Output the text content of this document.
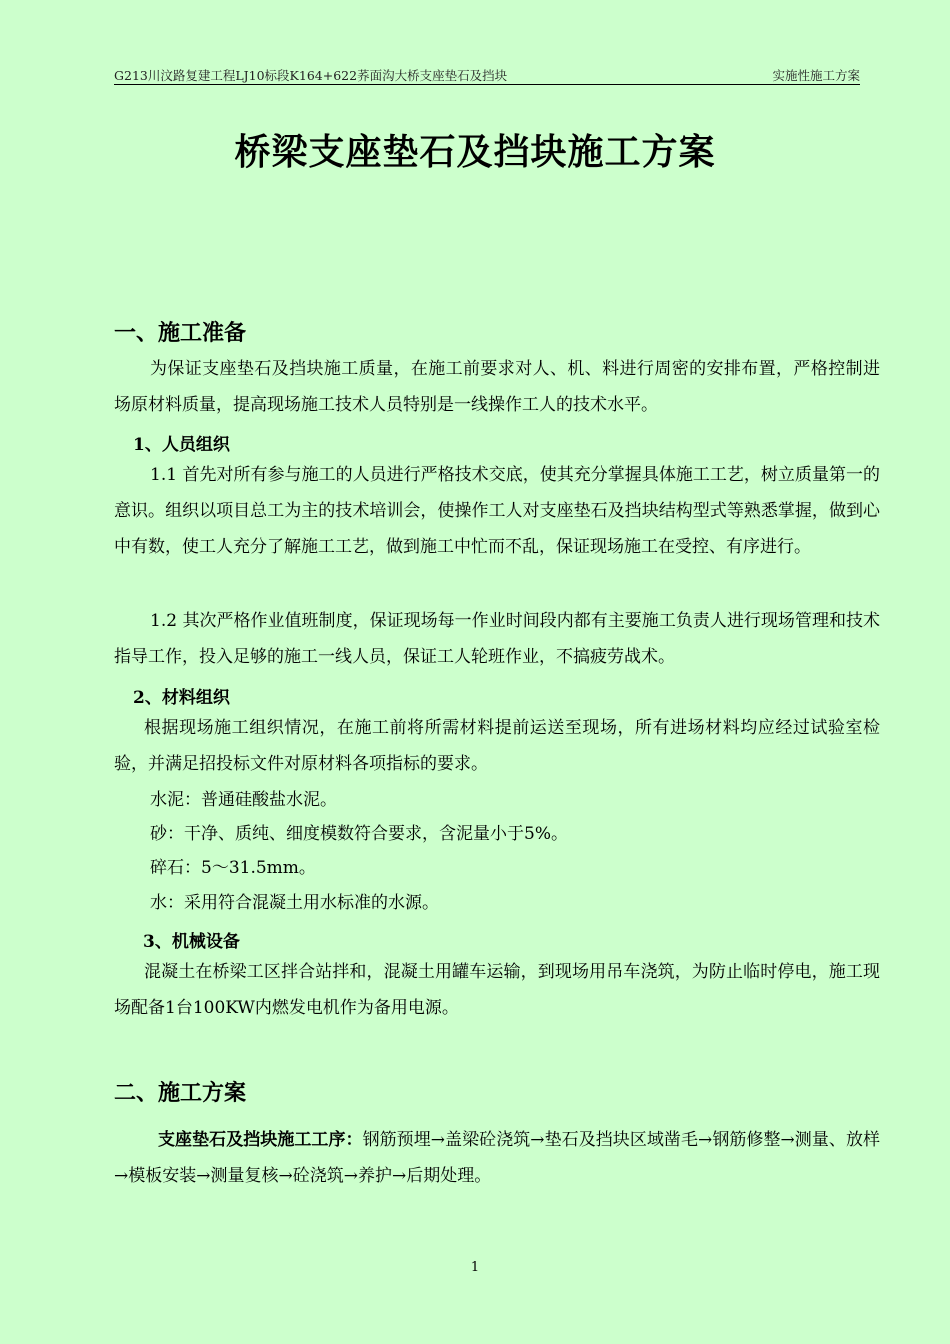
G213川汶路复建工程LJ10标段K164+622荞面沟大桥支座垫石及挡块	实施性施工方案
桥梁支座垫石及挡块施工方案
一、施工准备
为保证支座垫石及挡块施工质量，在施工前要求对人、机、料进行周密的安排布置，严格控制进场原材料质量，提高现场施工技术人员特别是一线操作工人的技术水平。
1、人员组织
1.1 首先对所有参与施工的人员进行严格技术交底，使其充分掌握具体施工工艺，树立质量第一的意识。组织以项目总工为主的技术培训会，使操作工人对支座垫石及挡块结构型式等熟悉掌握，做到心中有数，使工人充分了解施工工艺，做到施工中忙而不乱，保证现场施工在受控、有序进行。
1.2 其次严格作业值班制度，保证现场每一作业时间段内都有主要施工负责人进行现场管理和技术指导工作，投入足够的施工一线人员，保证工人轮班作业，不搞疲劳战术。
2、材料组织
根据现场施工组织情况，在施工前将所需材料提前运送至现场，所有进场材料均应经过试验室检验，并满足招投标文件对原材料各项指标的要求。
水泥：普通硅酸盐水泥。
砂：干净、质纯、细度模数符合要求，含泥量小于5%。
碎石：5～31.5mm。
水：采用符合混凝土用水标准的水源。
3、机械设备
混凝土在桥梁工区拌合站拌和，混凝土用罐车运输，到现场用吊车浇筑，为防止临时停电，施工现场配备1台100KW内燃发电机作为备用电源。
二、施工方案
支座垫石及挡块施工工序：钢筋预埋→盖梁砼浇筑→垫石及挡块区域凿毛→钢筋修整→测量、放样→模板安装→测量复核→砼浇筑→养护→后期处理。
1
